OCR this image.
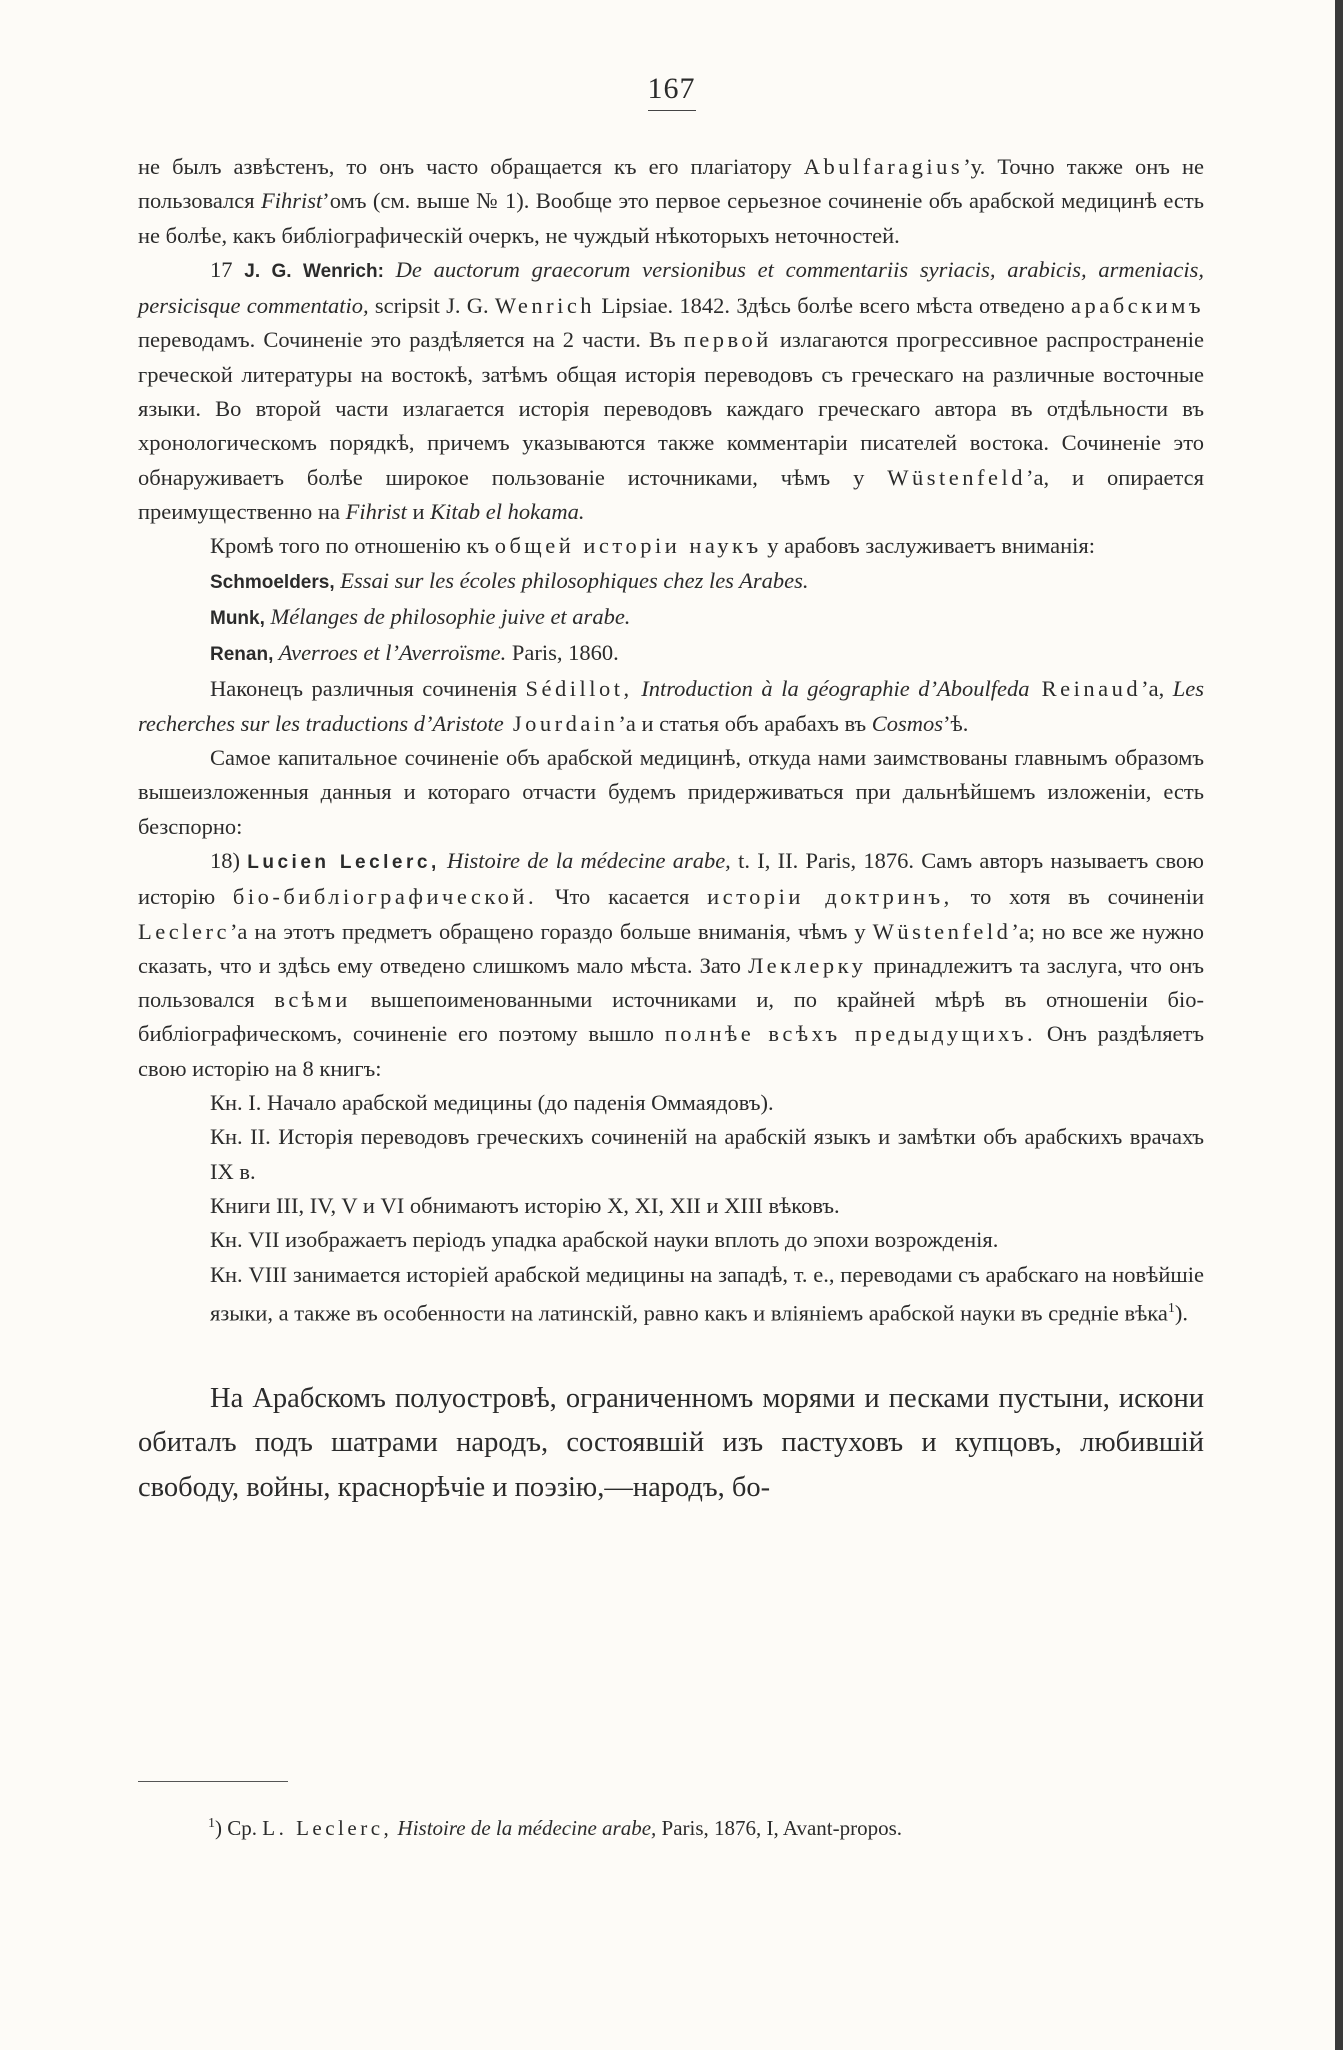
167

не былъ азвѣстенъ, то онъ часто обращается къ его плагіатору Abulfaragius’у. Точно также онъ не пользовался Fihrist’омъ (см. выше № 1). Вообще это первое серьезное сочиненіе объ арабской медицинѣ есть не болѣе, какъ библіографическій очеркъ, не чуждый нѣкоторыхъ неточностей.

17 J. G. Wenrich: De auctorum graecorum versionibus et commentariis syriacis, arabicis, armeniacis, persicisque commentatio, scripsit J. G. Wenrich Lipsiae. 1842. Здѣсь болѣе всего мѣста отведено арабскимъ переводамъ. Сочиненіе это раздѣляется на 2 части. Въ первой излагаются прогрессивное распространеніе греческой литературы на востокѣ, затѣмъ общая исторія переводовъ съ греческаго на различные восточные языки. Во второй части излагается исторія переводовъ каждаго греческаго автора въ отдѣльности въ хронологическомъ порядкѣ, причемъ указываются также комментаріи писателей востока. Сочиненіе это обнаруживаетъ болѣе широкое пользованіе источниками, чѣмъ у Wüstenfeld’a, и опирается преимущественно на Fihrist и Kitab el hokama.

Кромѣ того по отношенію къ общей исторіи наукъ у арабовъ заслуживаетъ вниманія:

Schmoelders, Essai sur les écoles philosophiques chez les Arabes.

Munk, Mélanges de philosophie juive et arabe.

Renan, Averroes et l’Averroïsme. Paris, 1860.

Наконецъ различныя сочиненія Sédillot, Introduction à la géographie d’Aboulfeda Reinaud’a, Les recherches sur les traductions d’Aristote Jourdain’a и статья объ арабахъ въ Cosmos’ѣ.

Самое капитальное сочиненіе объ арабской медицинѣ, откуда нами заимствованы главнымъ образомъ вышеизложенныя данныя и котораго отчасти будемъ придерживаться при дальнѣйшемъ изложеніи, есть безспорно:

18) Lucien Leclerc, Histoire de la médecine arabe, t. I, II. Paris, 1876. Самъ авторъ называетъ свою исторію біо-библіографической. Что касается исторіи доктринъ, то хотя въ сочиненіи Leclerc’a на этотъ предметъ обращено гораздо больше вниманія, чѣмъ у Wüstenfeld’a; но все же нужно сказать, что и здѣсь ему отведено слишкомъ мало мѣста. Зато Леклерку принадлежитъ та заслуга, что онъ пользовался всѣми вышепоименованными источниками и, по крайней мѣрѣ въ отношеніи біо-библіографическомъ, сочиненіе его поэтому вышло полнѣе всѣхъ предыдущихъ. Онъ раздѣляетъ свою исторію на 8 книгъ:

Кн. I. Начало арабской медицины (до паденія Оммаядовъ).

Кн. II. Исторія переводовъ греческихъ сочиненій на арабскій языкъ и замѣтки объ арабскихъ врачахъ IX в.

Книги III, IV, V и VI обнимаютъ исторію X, XI, XII и XIII вѣковъ.

Кн. VII изображаетъ періодъ упадка арабской науки вплоть до эпохи возрожденія.

Кн. VIII занимается исторіей арабской медицины на западѣ, т. е., переводами съ арабскаго на новѣйшіе языки, а также въ особенности на латинскій, равно какъ и вліяніемъ арабской науки въ средніе вѣка$^1$).

На Арабскомъ полуостровѣ, ограниченномъ морями и песками пустыни, искони обиталъ подъ шатрами народъ, состоявшій изъ пастуховъ и купцовъ, любившій свободу, войны, краснорѣчіе и поэзію,—народъ, бо-

$^1$) Ср. L. Leclerc, Histoire de la médecine arabe, Paris, 1876, I, Avant-propos.
